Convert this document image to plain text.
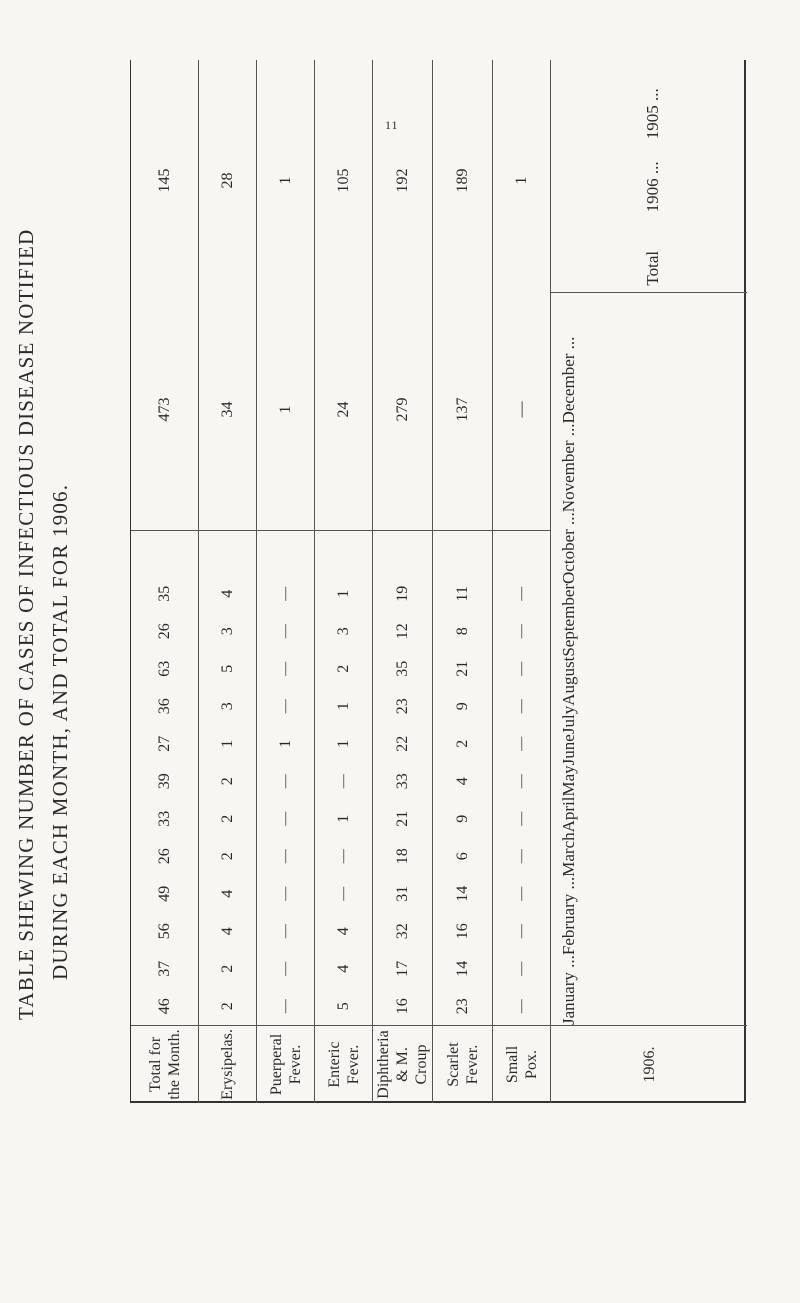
11
TABLE SHEWING NUMBER OF CASES OF INFECTIOUS DISEASE NOTIFIED DURING EACH MONTH, AND TOTAL FOR 1906.
Total for the Month.
46
37
56
49
26
33
39
27
36
63
26
35
473
145
Erysipelas.
2
2
4
4
2
2
2
1
3
5
3
4
34
28
Puerperal Fever.
—
—
—
—
—
—
—
1
—
—
—
—
1
1
Enteric Fever.
5
4
4
—
—
1
—
1
1
2
3
1
24
105
Diphtheria & M. Croup
16
17
32
31
18
21
33
22
23
35
12
19
279
192
Scarlet Fever.
23
14
16
14
6
9
4
2
9
21
8
11
137
189
Small Pox.
—
—
—
—
—
—
—
—
—
—
—
—
—
1
1906.
January ...
February ...
March
April
May
June
July
August
September
October ...
November ...
December ...
Total
1906 ...
1905 ...
